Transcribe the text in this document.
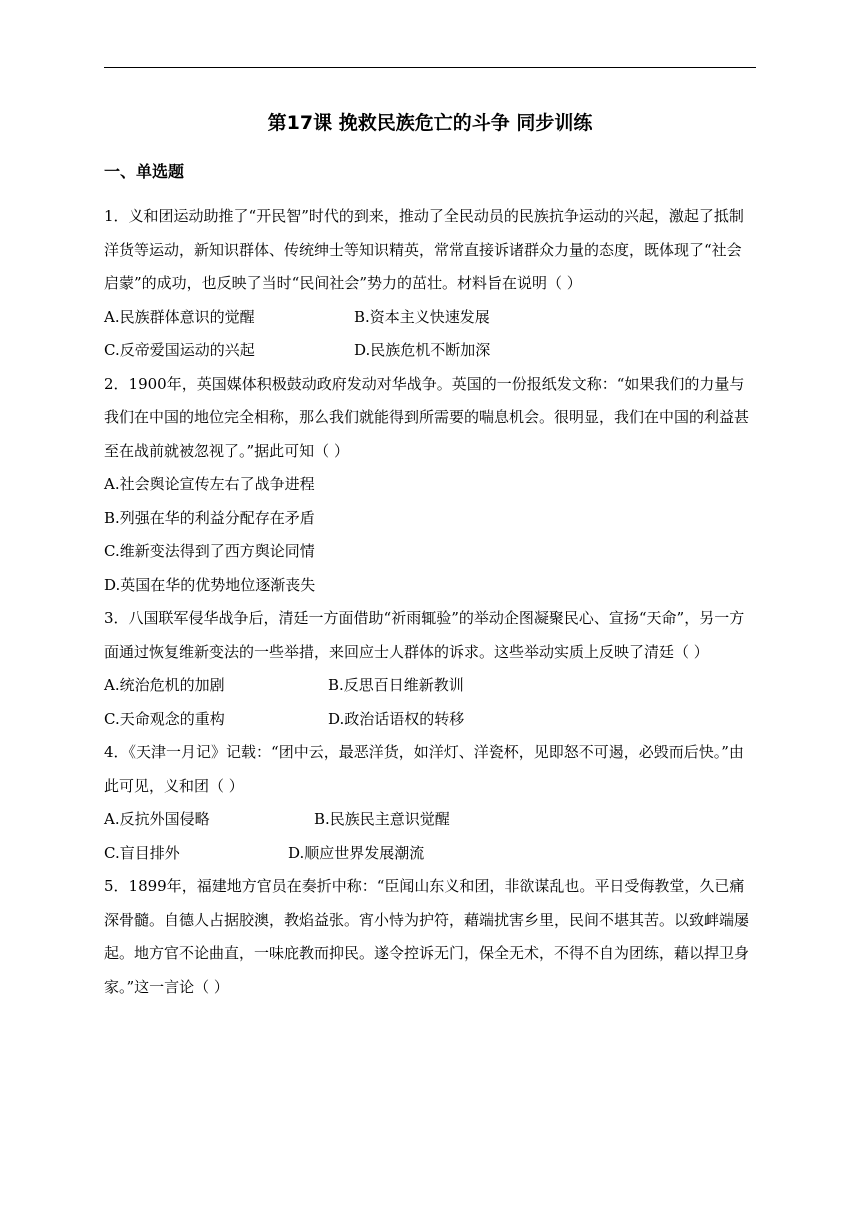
第17课 挽救民族危亡的斗争 同步训练
一、单选题
1．义和团运动助推了“开民智”时代的到来，推动了全民动员的民族抗争运动的兴起，激起了抵制洋货等运动，新知识群体、传统绅士等知识精英，常常直接诉诸群众力量的态度，既体现了“社会启蒙”的成功，也反映了当时“民间社会”势力的茁壮。材料旨在说明（ ）
A.民族群体意识的觉醒	B.资本主义快速发展
C.反帝爱国运动的兴起	D.民族危机不断加深
2．1900年，英国媒体积极鼓动政府发动对华战争。英国的一份报纸发文称：“如果我们的力量与我们在中国的地位完全相称，那么我们就能得到所需要的喘息机会。很明显，我们在中国的利益甚至在战前就被忽视了。”据此可知（ ）
A.社会舆论宣传左右了战争进程
B.列强在华的利益分配存在矛盾
C.维新变法得到了西方舆论同情
D.英国在华的优势地位逐渐丧失
3．八国联军侵华战争后，清廷一方面借助“祈雨辄验”的举动企图凝聚民心、宣扬“天命”，另一方面通过恢复维新变法的一些举措，来回应士人群体的诉求。这些举动实质上反映了清廷（ ）
A.统治危机的加剧	B.反思百日维新教训
C.天命观念的重构	D.政治话语权的转移
4．《天津一月记》记载：“团中云，最恶洋货，如洋灯、洋瓷杯，见即怒不可遏，必毁而后快。”由此可见，义和团（ ）
A.反抗外国侵略	B.民族民主意识觉醒
C.盲目排外	D.顺应世界发展潮流
5．1899年，福建地方官员在奏折中称：“臣闻山东义和团，非欲谋乱也。平日受侮教堂，久已痛深骨髓。自德人占据胶澳，教焰益张。宵小恃为护符，藉端扰害乡里，民间不堪其苦。以致衅端屡起。地方官不论曲直，一味庇教而抑民。遂令控诉无门，保全无术，不得不自为团练，藉以捍卫身家。”这一言论（ ）
